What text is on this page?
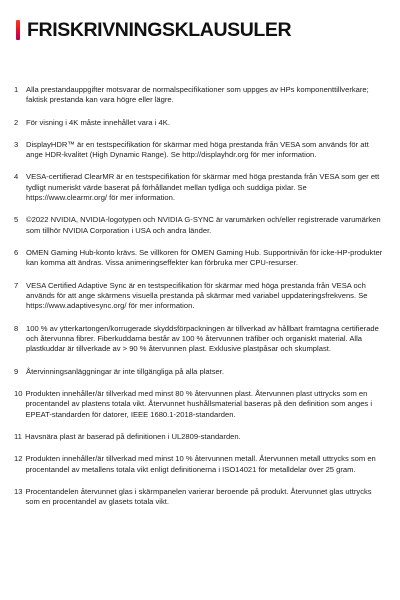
FRISKRIVNINGSKLAUSULER
1	Alla prestandauppgifter motsvarar de normalspecifikationer som uppges av HPs komponenttillverkare; faktisk prestanda kan vara högre eller lägre.
2	För visning i 4K måste innehållet vara i 4K.
3	DisplayHDR™ är en testspecifikation för skärmar med höga prestanda från VESA som används för att ange HDR-kvalitet (High Dynamic Range). Se http://displayhdr.org för mer information.
4	VESA-certifierad ClearMR är en testspecifikation för skärmar med höga prestanda från VESA som ger ett tydligt numeriskt värde baserat på förhållandet mellan tydliga och suddiga pixlar. Se https://www.clearmr.org/ för mer information.
5	©2022 NVIDIA, NVIDIA-logotypen och NVIDIA G-SYNC är varumärken och/eller registrerade varumärken som tillhör NVIDIA Corporation i USA och andra länder.
6	OMEN Gaming Hub-konto krävs. Se villkoren för OMEN Gaming Hub. Supportnivån för icke-HP-produkter kan komma att ändras. Vissa animeringseffekter kan förbruka mer CPU-resurser.
7	VESA Certified Adaptive Sync är en testspecifikation för skärmar med höga prestanda från VESA och används för att ange skärmens visuella prestanda på skärmar med variabel uppdateringsfrekvens. Se https://www.adaptivesync.org/ för mer information.
8	100 % av ytterkartongen/korrugerade skyddsförpackningen är tillverkad av hållbart framtagna certifierade och återvunna fibrer. Fiberkuddarna består av 100 % återvunnen träfiber och organiskt material. Alla plastkuddar är tillverkade av > 90 % återvunnen plast. Exklusive plastpåsar och skumplast.
9	Återvinningsanläggningar är inte tillgängliga på alla platser.
10 Produkten innehåller/är tillverkad med minst 80 % återvunnen plast. Återvunnen plast uttrycks som en procentandel av plastens totala vikt. Återvunnet hushållsmaterial baseras på den definition som anges i EPEAT-standarden för datorer, IEEE 1680.1-2018-standarden.
11 Havsnära plast är baserad på definitionen i UL2809-standarden.
12 Produkten innehåller/är tillverkad med minst 10 % återvunnen metall. Återvunnen metall uttrycks som en procentandel av metallens totala vikt enligt definitionerna i ISO14021 för metalldelar över 25 gram.
13 Procentandelen återvunnet glas i skärmpanelen varierar beroende på produkt. Återvunnet glas uttrycks som en procentandel av glasets totala vikt.
